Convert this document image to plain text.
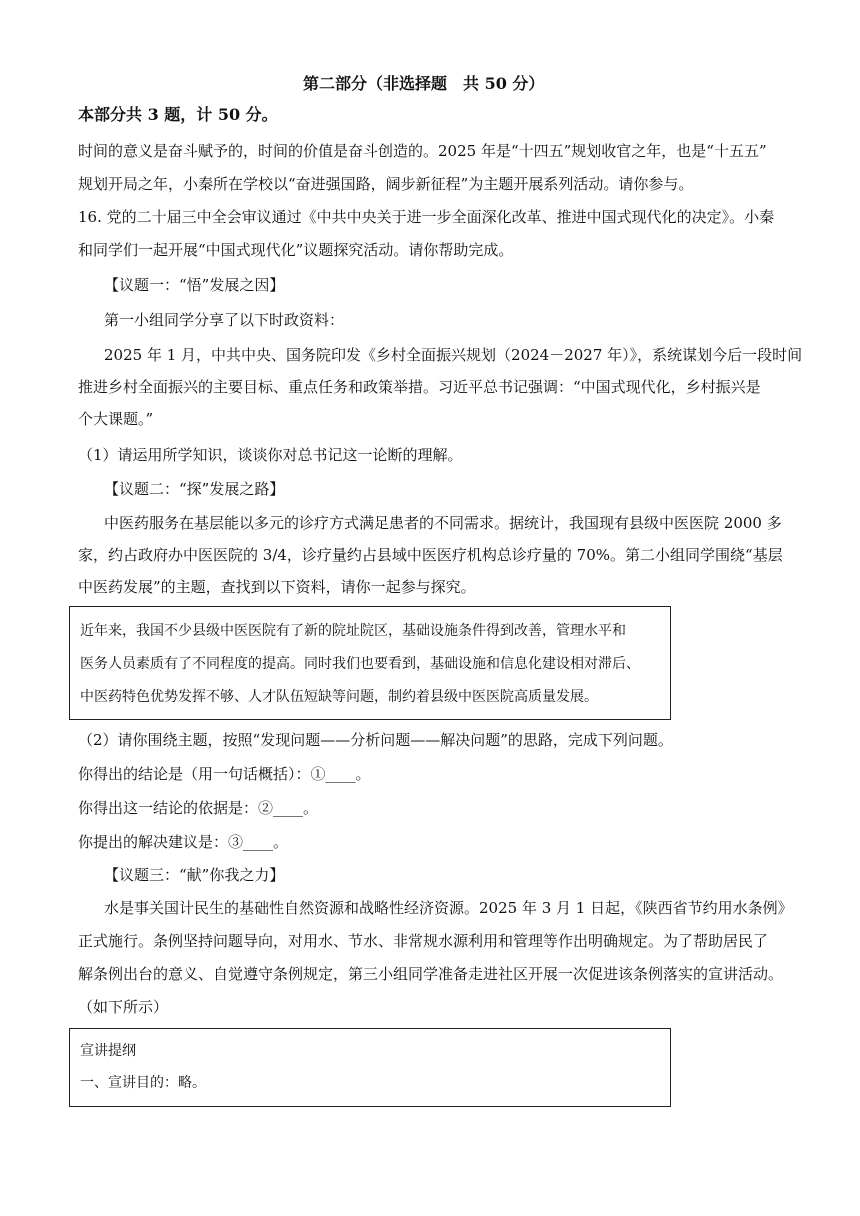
第二部分（非选择题　共 50 分）
本部分共 3 题，计 50 分。
时间的意义是奋斗赋予的，时间的价值是奋斗创造的。2025 年是“十四五”规划收官之年，也是“十五五”
规划开局之年，小秦所在学校以“奋进强国路，阔步新征程”为主题开展系列活动。请你参与。
16. 党的二十届三中全会审议通过《中共中央关于进一步全面深化改革、推进中国式现代化的决定》。小秦
和同学们一起开展“中国式现代化”议题探究活动。请你帮助完成。
【议题一：“悟”发展之因】
第一小组同学分享了以下时政资料：
2025 年 1 月，中共中央、国务院印发《乡村全面振兴规划（2024－2027 年）》，系统谋划今后一段时间
推进乡村全面振兴的主要目标、重点任务和政策举措。习近平总书记强调：“中国式现代化，乡村振兴是
个大课题。”
（1）请运用所学知识，谈谈你对总书记这一论断的理解。
【议题二：“探”发展之路】
中医药服务在基层能以多元的诊疗方式满足患者的不同需求。据统计，我国现有县级中医医院 2000 多
家，约占政府办中医医院的 3/4，诊疗量约占县域中医医疗机构总诊疗量的 70%。第二小组同学围绕“基层
中医药发展”的主题，查找到以下资料，请你一起参与探究。
近年来，我国不少县级中医医院有了新的院址院区，基础设施条件得到改善，管理水平和
医务人员素质有了不同程度的提高。同时我们也要看到，基础设施和信息化建设相对滞后、
中医药特色优势发挥不够、人才队伍短缺等问题，制约着县级中医医院高质量发展。
（2）请你围绕主题，按照“发现问题——分析问题——解决问题”的思路，完成下列问题。
你得出的结论是（用一句话概括）：①____。
你得出这一结论的依据是：②____。
你提出的解决建议是：③____。
【议题三：“献”你我之力】
水是事关国计民生的基础性自然资源和战略性经济资源。2025 年 3 月 1 日起，《陕西省节约用水条例》
正式施行。条例坚持问题导向，对用水、节水、非常规水源利用和管理等作出明确规定。为了帮助居民了
解条例出台的意义、自觉遵守条例规定，第三小组同学准备走进社区开展一次促进该条例落实的宣讲活动。
（如下所示）
宣讲提纲
一、宣讲目的：略。
